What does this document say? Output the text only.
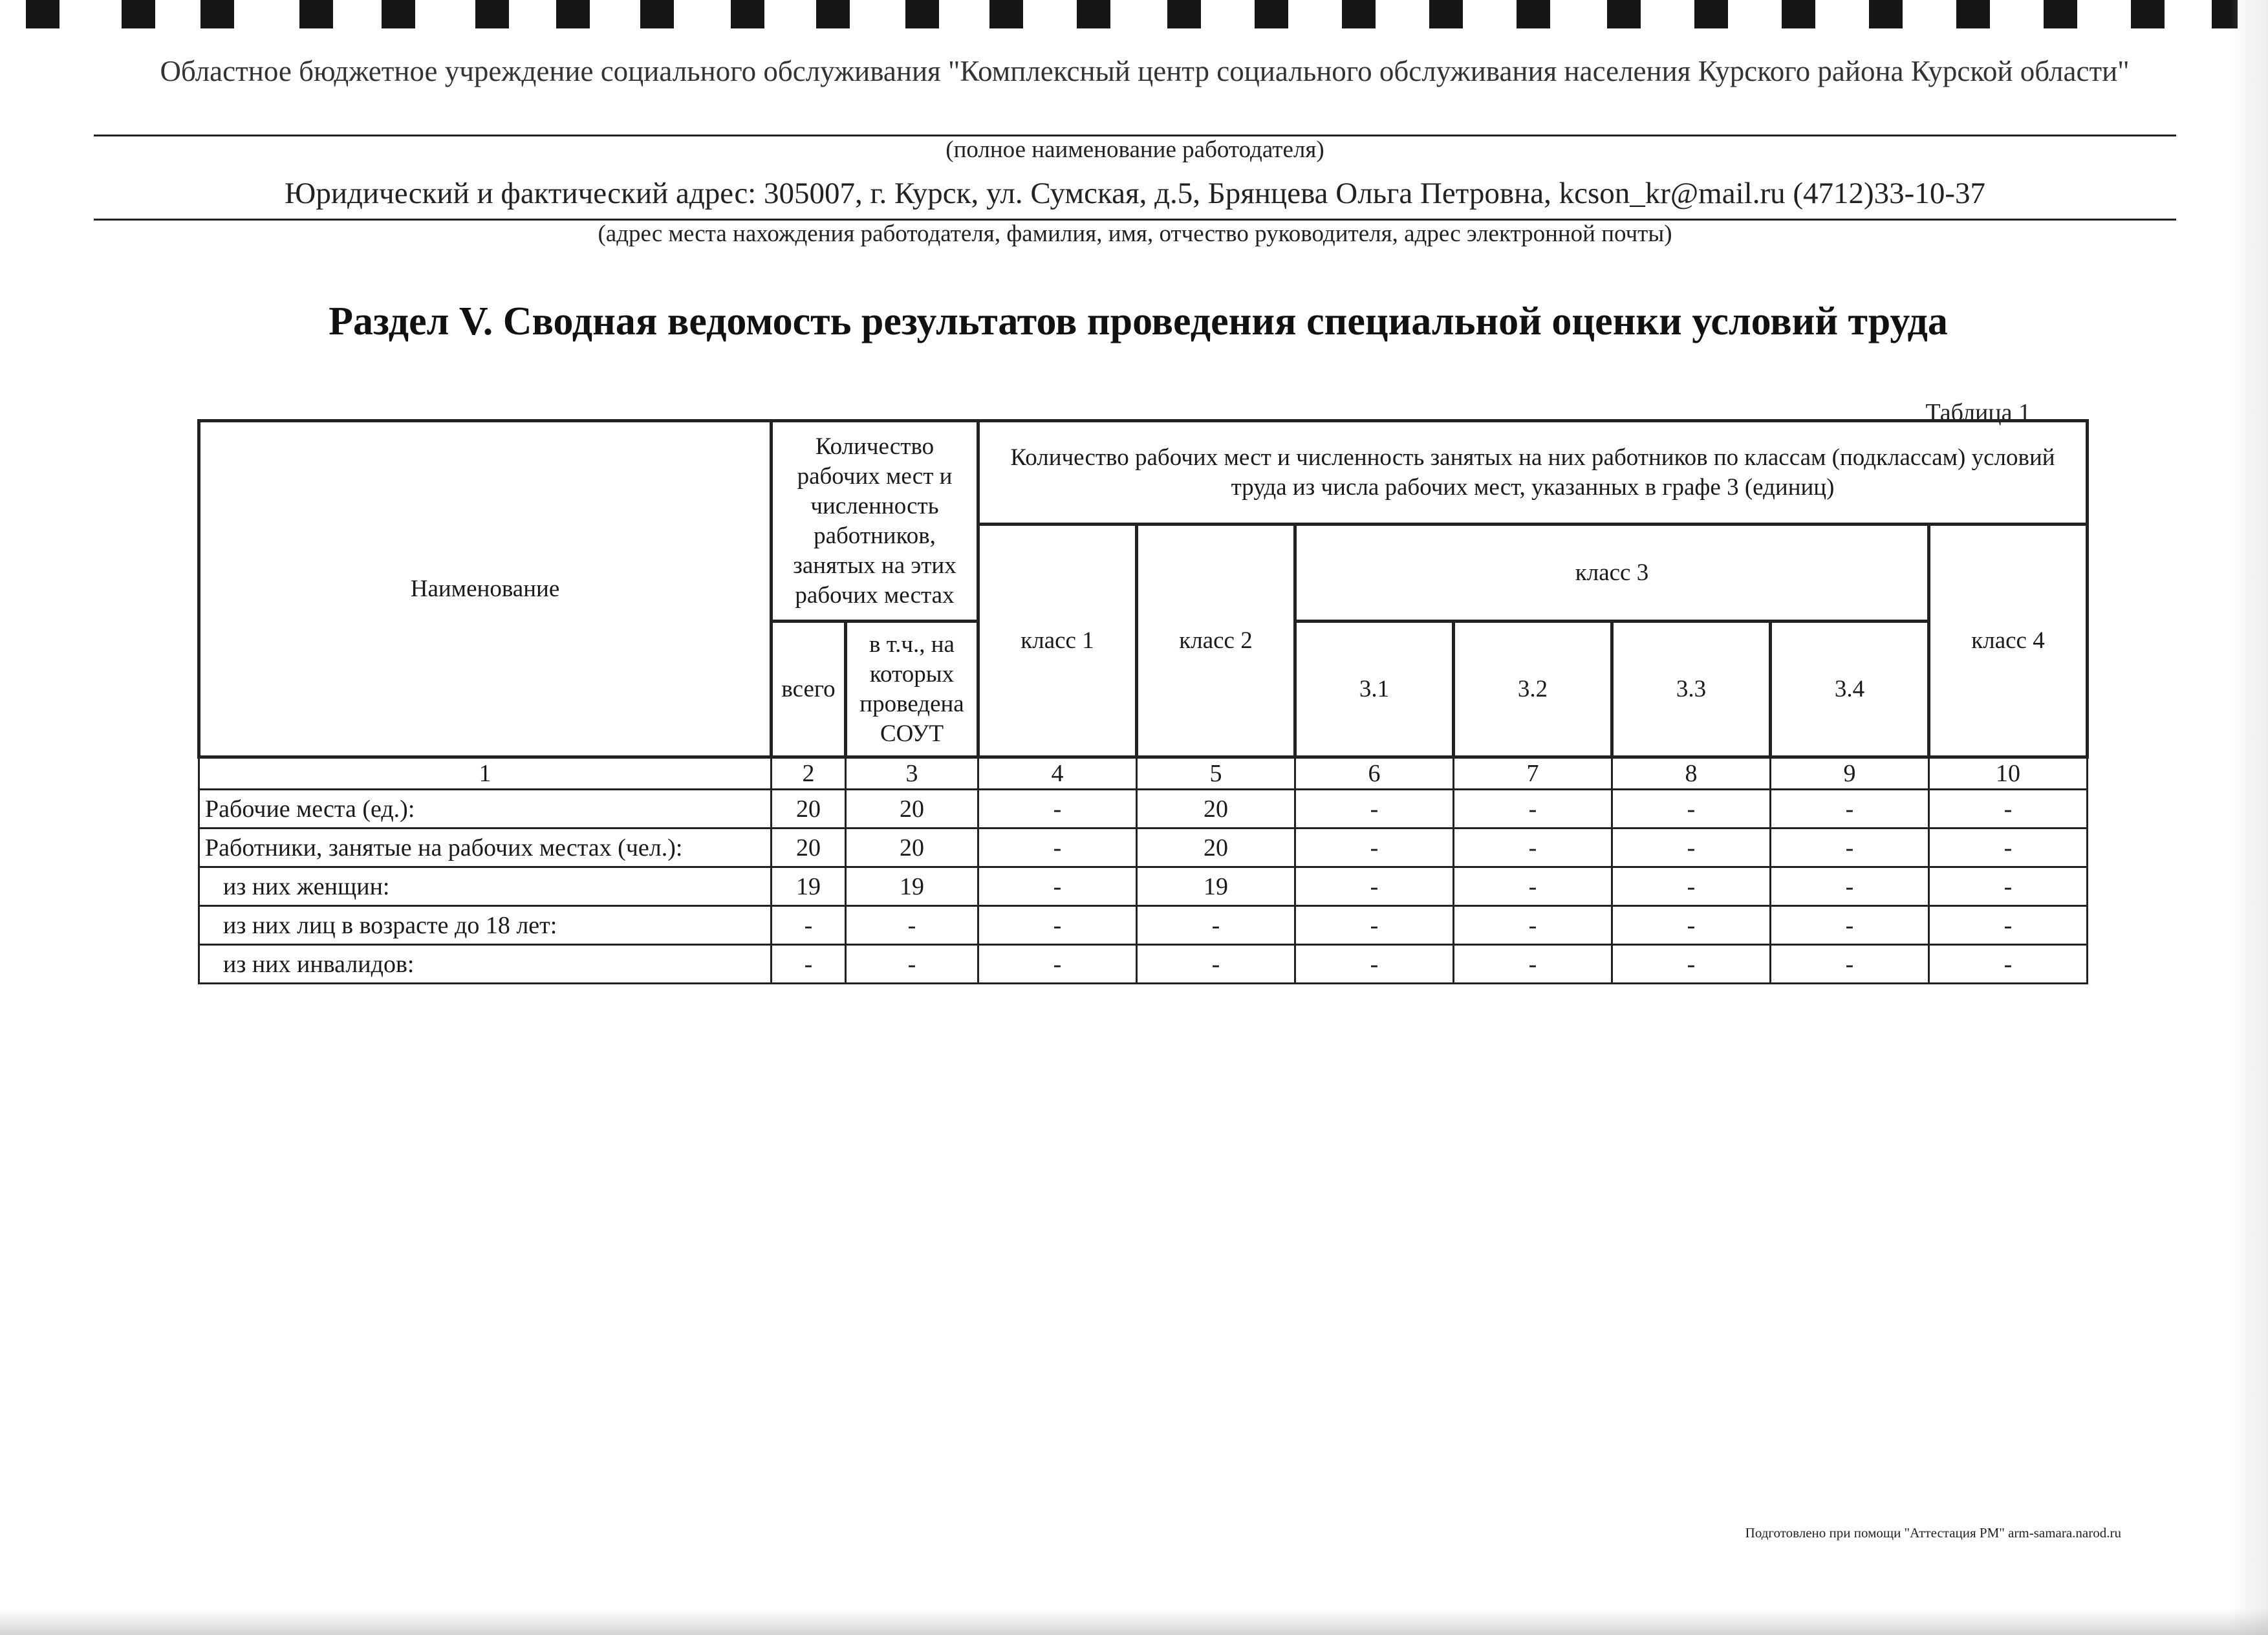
Областное бюджетное учреждение социального обслуживания "Комплексный центр социального обслуживания населения Курского района Курской области"
(полное наименование работодателя)
Юридический и фактический адрес: 305007, г. Курск, ул. Сумская, д.5, Брянцева Ольга Петровна, kcson_kr@mail.ru (4712)33-10-37
(адрес места нахождения работодателя, фамилия, имя, отчество руководителя, адрес электронной почты)
Раздел V. Сводная ведомость результатов проведения специальной оценки условий труда
Таблица 1
Наименование	Количество рабочих мест и численность работников, занятых на этих рабочих местах		Количество рабочих мест и численность занятых на них работников по классам (подклассам) условий труда из числа рабочих мест, указанных в графе 3 (единиц)						
			класс 1	класс 2	класс 3				класс 4
	всего	в т.ч., на которых проведена СОУТ			3.1	3.2	3.3	3.4	
1	2	3	4	5	6	7	8	9	10
Рабочие места (ед.):	20	20	-	20	-	-	-	-	-
Работники, занятые на рабочих местах (чел.):	20	20	-	20	-	-	-	-	-
из них женщин:	19	19	-	19	-	-	-	-	-
из них лиц в возрасте до 18 лет:	-	-	-	-	-	-	-	-	-
из них инвалидов:	-	-	-	-	-	-	-	-	-
Подготовлено при помощи "Аттестация РМ" arm-samara.narod.ru
